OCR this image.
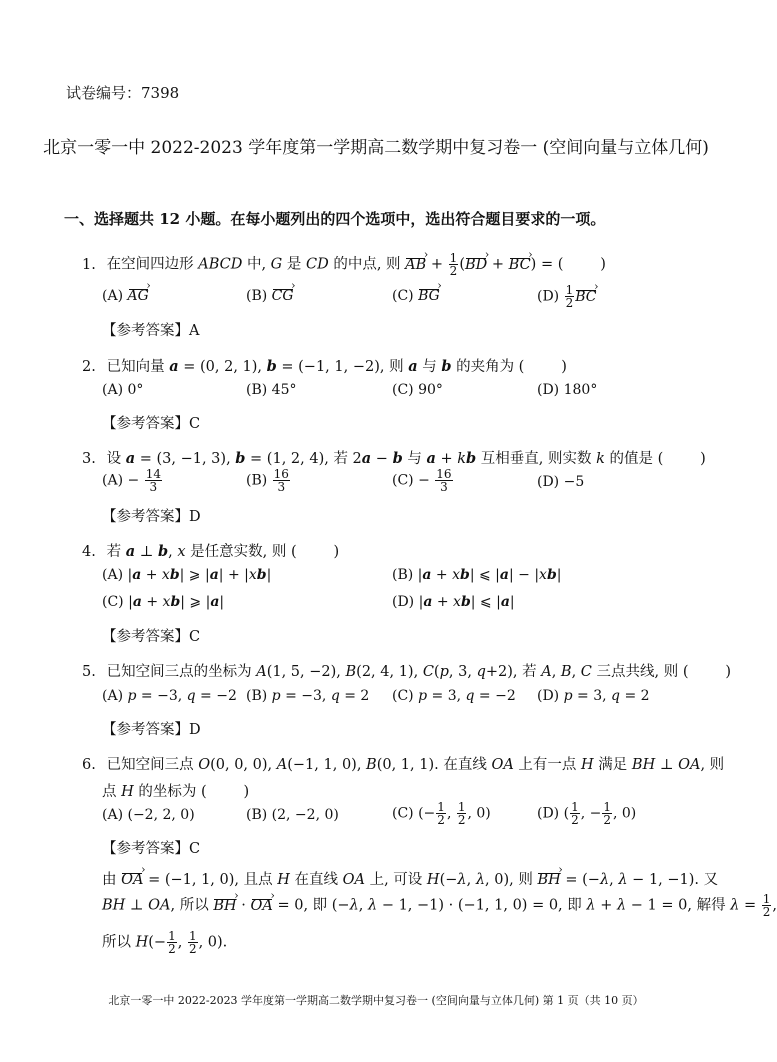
试卷编号：7398
北京一零一中 2022-2023 学年度第一学期高二数学期中复习卷一 (空间向量与立体几何)
一、选择题共 12 小题。在每小题列出的四个选项中，选出符合题目要求的一项。
1. 在空间四边形 ABCD 中, G 是 CD 的中点, 则 AB › + $\frac{1}{2} (BD$ › + BC ›) = (        )
(A) AG ›	(B) CG ›	(C) BG ›	$(D) \frac{1}{2}$ BC ›
【参考答案】A
2. 已知向量 a = (0, 2, 1), b = (−1, 1, −2), 则 a 与 b 的夹角为 (        )
(A) 0°	(B) 45°	(C) 90°	(D) 180°
【参考答案】C
3. 设 a = (3, −1, 3), b = (1, 2, 4), 若 2a − b 与 a + kb 互相垂直, 则实数 k 的值是 (        )
$(A) - \frac{14}{3}$	$(B) \frac{16}{3}$	$(C) - \frac{16}{3}$	(D) −5
【参考答案】D
4. 若 a ⊥ b, x 是任意实数, 则 (        )
(A) |a + xb| ⩾ |a| + |xb|	(B) |a + xb| ⩽ |a| − |xb|
(C) |a + xb| ⩾ |a|	(D) |a + xb| ⩽ |a|
【参考答案】C
5. 已知空间三点的坐标为 A(1, 5, −2), B(2, 4, 1), C(p, 3, q+2), 若 A, B, C 三点共线, 则 (        )
(A) p = −3, q = −2 (B) p = −3, q = 2 (C) p = 3, q = −2 (D) p = 3, q = 2
【参考答案】D
6. 已知空间三点 O(0, 0, 0), A(−1, 1, 0), B(0, 1, 1). 在直线 OA 上有一点 H 满足 BH ⊥ OA, 则
点 H 的坐标为 (        )
(A) (−2, 2, 0)	(B) (2, −2, 0)	(C) (− $\frac{1}{2}$ , $\frac{1}{2}$ , 0)	(D) ( $\frac{1}{2}$ , − $\frac{1}{2}$ , 0)
【参考答案】C
由 OA › = (−1, 1, 0), 且点 H 在直线 OA 上, 可设 H(−λ, λ, 0), 则 BH › = (−λ, λ − 1, −1). 又
BH ⊥ OA, 所以 BH › · OA › = 0, 即 (−λ, λ − 1, −1) · (−1, 1, 0) = 0, 即 λ + λ − 1 = 0, 解得 $\lambda = \frac{1}{2}$ ,
所以 $H(- \frac{1}{2}$ , $\frac{1}{2}$ , 0).
北京一零一中 2022-2023 学年度第一学期高二数学期中复习卷一 (空间向量与立体几何) 第 1 页（共 10 页）
